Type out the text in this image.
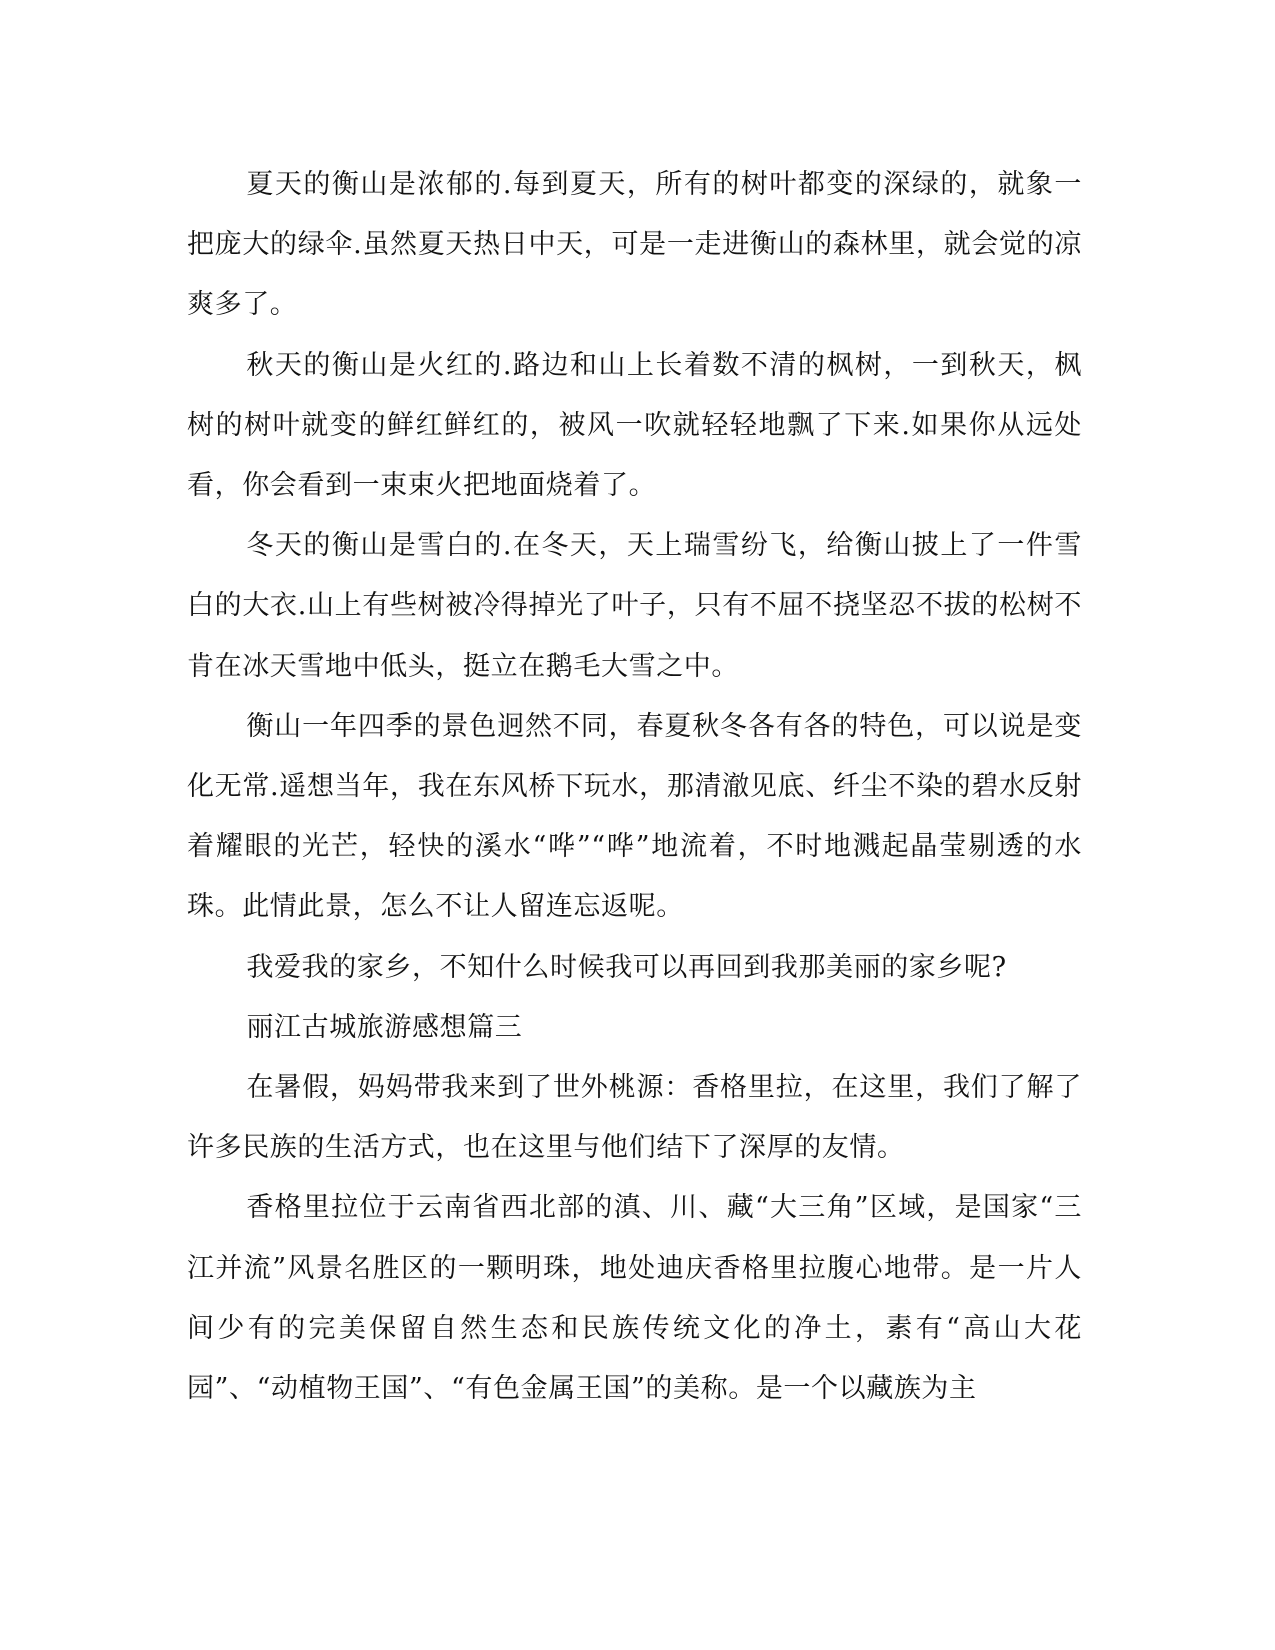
夏天的衡山是浓郁的.每到夏天，所有的树叶都变的深绿的，就象一把庞大的绿伞.虽然夏天热日中天，可是一走进衡山的森林里，就会觉的凉爽多了。

秋天的衡山是火红的.路边和山上长着数不清的枫树，一到秋天，枫树的树叶就变的鲜红鲜红的，被风一吹就轻轻地飘了下来.如果你从远处看，你会看到一束束火把地面烧着了。

冬天的衡山是雪白的.在冬天，天上瑞雪纷飞，给衡山披上了一件雪白的大衣.山上有些树被冷得掉光了叶子，只有不屈不挠坚忍不拔的松树不肯在冰天雪地中低头，挺立在鹅毛大雪之中。

衡山一年四季的景色迥然不同，春夏秋冬各有各的特色，可以说是变化无常.遥想当年，我在东风桥下玩水，那清澈见底、纤尘不染的碧水反射着耀眼的光芒，轻快的溪水“哗”“哗”地流着，不时地溅起晶莹剔透的水珠。此情此景，怎么不让人留连忘返呢。

我爱我的家乡，不知什么时候我可以再回到我那美丽的家乡呢?

丽江古城旅游感想篇三

在暑假，妈妈带我来到了世外桃源：香格里拉，在这里，我们了解了许多民族的生活方式，也在这里与他们结下了深厚的友情。

香格里拉位于云南省西北部的滇、川、藏“大三角”区域，是国家“三江并流”风景名胜区的一颗明珠，地处迪庆香格里拉腹心地带。是一片人间少有的完美保留自然生态和民族传统文化的净土，素有“高山大花园”、“动植物王国”、“有色金属王国”的美称。是一个以藏族为主
